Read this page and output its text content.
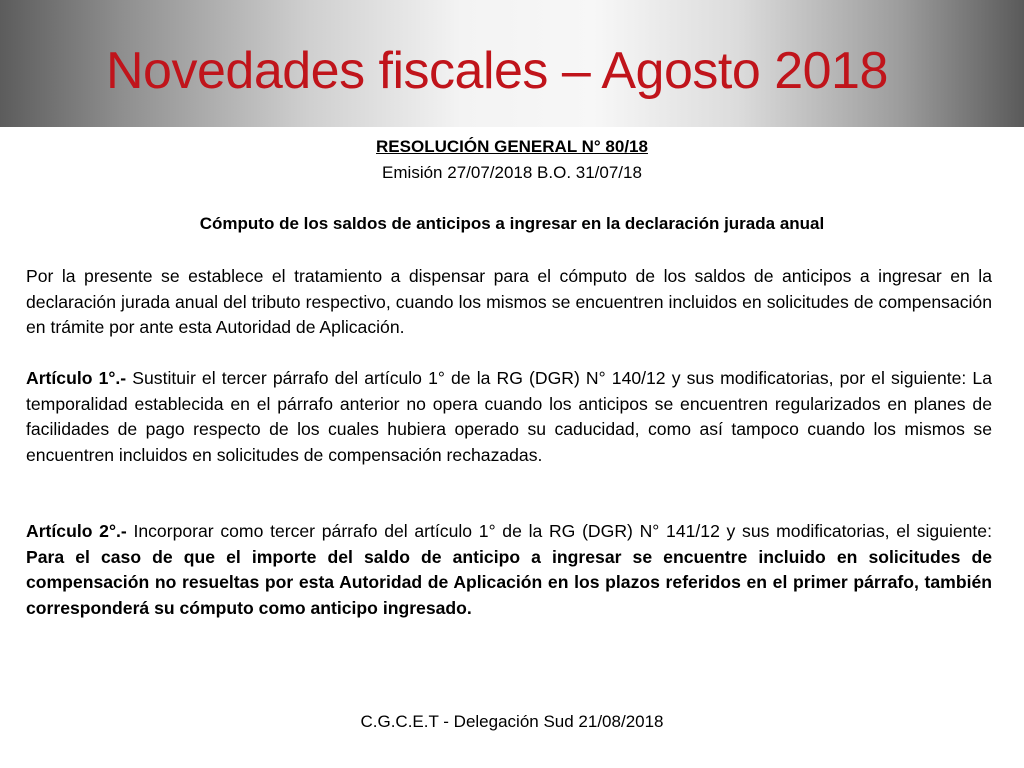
Novedades fiscales – Agosto 2018
RESOLUCIÓN GENERAL N° 80/18
Emisión 27/07/2018 B.O. 31/07/18
Cómputo de los saldos de anticipos a ingresar en la declaración jurada anual

Por la presente se establece el tratamiento a dispensar para el cómputo de los saldos de anticipos a ingresar en la declaración jurada anual del tributo respectivo, cuando los mismos se encuentren incluidos en solicitudes de compensación en trámite por ante esta Autoridad de Aplicación.

Artículo 1°.- Sustituir el tercer párrafo del artículo 1° de la RG (DGR) N° 140/12 y sus modificatorias, por el siguiente: La temporalidad establecida en el párrafo anterior no opera cuando los anticipos se encuentren regularizados en planes de facilidades de pago respecto de los cuales hubiera operado su caducidad, como así tampoco cuando los mismos se encuentren incluidos en solicitudes de compensación rechazadas.

Artículo 2°.- Incorporar como tercer párrafo del artículo 1° de la RG (DGR) N° 141/12 y sus modificatorias, el siguiente: Para el caso de que el importe del saldo de anticipo a ingresar se encuentre incluido en solicitudes de compensación no resueltas por esta Autoridad de Aplicación en los plazos referidos en el primer párrafo, también corresponderá su cómputo como anticipo ingresado.

C.G.C.E.T - Delegación Sud 21/08/2018
